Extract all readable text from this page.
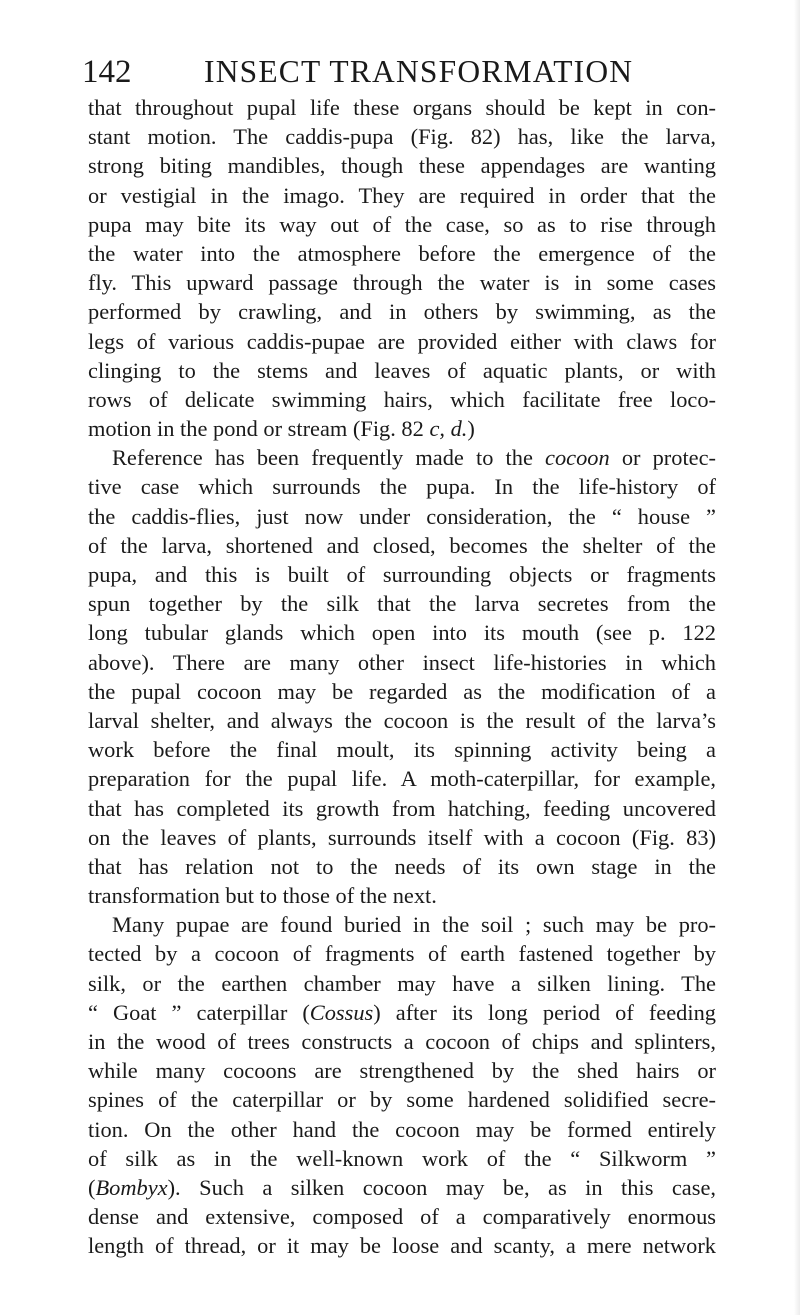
142 INSECT TRANSFORMATION
that throughout pupal life these organs should be kept in con-
stant motion. The caddis-pupa (Fig. 82) has, like the larva,
strong biting mandibles, though these appendages are wanting
or vestigial in the imago. They are required in order that the
pupa may bite its way out of the case, so as to rise through
the water into the atmosphere before the emergence of the
fly. This upward passage through the water is in some cases
performed by crawling, and in others by swimming, as the
legs of various caddis-pupae are provided either with claws for
clinging to the stems and leaves of aquatic plants, or with
rows of delicate swimming hairs, which facilitate free loco-
motion in the pond or stream (Fig. 82 c, d.)
Reference has been frequently made to the cocoon or protec-
tive case which surrounds the pupa. In the life-history of
the caddis-flies, just now under consideration, the “ house ”
of the larva, shortened and closed, becomes the shelter of the
pupa, and this is built of surrounding objects or fragments
spun together by the silk that the larva secretes from the
long tubular glands which open into its mouth (see p. 122
above). There are many other insect life-histories in which
the pupal cocoon may be regarded as the modification of a
larval shelter, and always the cocoon is the result of the larva’s
work before the final moult, its spinning activity being a
preparation for the pupal life. A moth-caterpillar, for example,
that has completed its growth from hatching, feeding uncovered
on the leaves of plants, surrounds itself with a cocoon (Fig. 83)
that has relation not to the needs of its own stage in the
transformation but to those of the next.
Many pupae are found buried in the soil ; such may be pro-
tected by a cocoon of fragments of earth fastened together by
silk, or the earthen chamber may have a silken lining. The
“ Goat ” caterpillar (Cossus) after its long period of feeding
in the wood of trees constructs a cocoon of chips and splinters,
while many cocoons are strengthened by the shed hairs or
spines of the caterpillar or by some hardened solidified secre-
tion. On the other hand the cocoon may be formed entirely
of silk as in the well-known work of the “ Silkworm ”
(Bombyx). Such a silken cocoon may be, as in this case,
dense and extensive, composed of a comparatively enormous
length of thread, or it may be loose and scanty, a mere network
